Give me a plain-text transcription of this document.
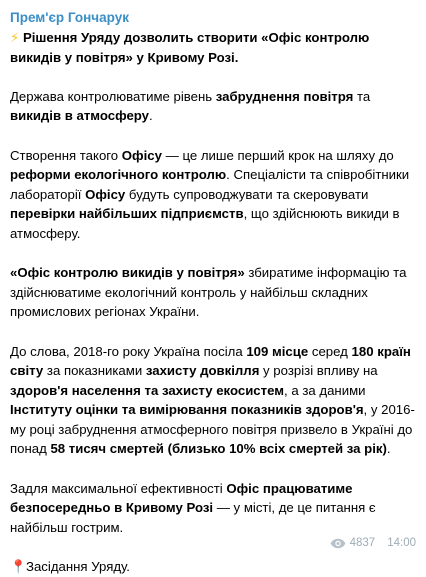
Прем'єр Гончарук

⚡ Рішення Уряду дозволить створити «Офіс контролю викидів у повітря» у Кривому Розі.

Держава контролюватиме рівень забруднення повітря та викидів в атмосферу.

Створення такого Офісу — це лише перший крок на шляху до реформи екологічного контролю. Спеціалісти та співробітники лабораторії Офісу будуть супроводжувати та скеровувати перевірки найбільших підприємств, що здійснюють викиди в атмосферу.

«Офіс контролю викидів у повітря» збиратиме інформацію та здійснюватиме екологічний контроль у найбільш складних промислових регіонах України.

До слова, 2018-го року Україна посіла 109 місце серед 180 країн світу за показниками захисту довкілля у розрізі впливу на здоров'я населення та захисту екосистем, а за даними Інституту оцінки та вимірювання показників здоров'я, у 2016-му році забруднення атмосферного повітря призвело в Україні до понад 58 тисяч смертей (близько 10% всіх смертей за рік).

Задля максимальної ефективності Офіс працюватиме безпосередньо в Кривому Розі — у місті, де це питання є найбільш гострим.

📍Засідання Уряду.

4837 14:00
